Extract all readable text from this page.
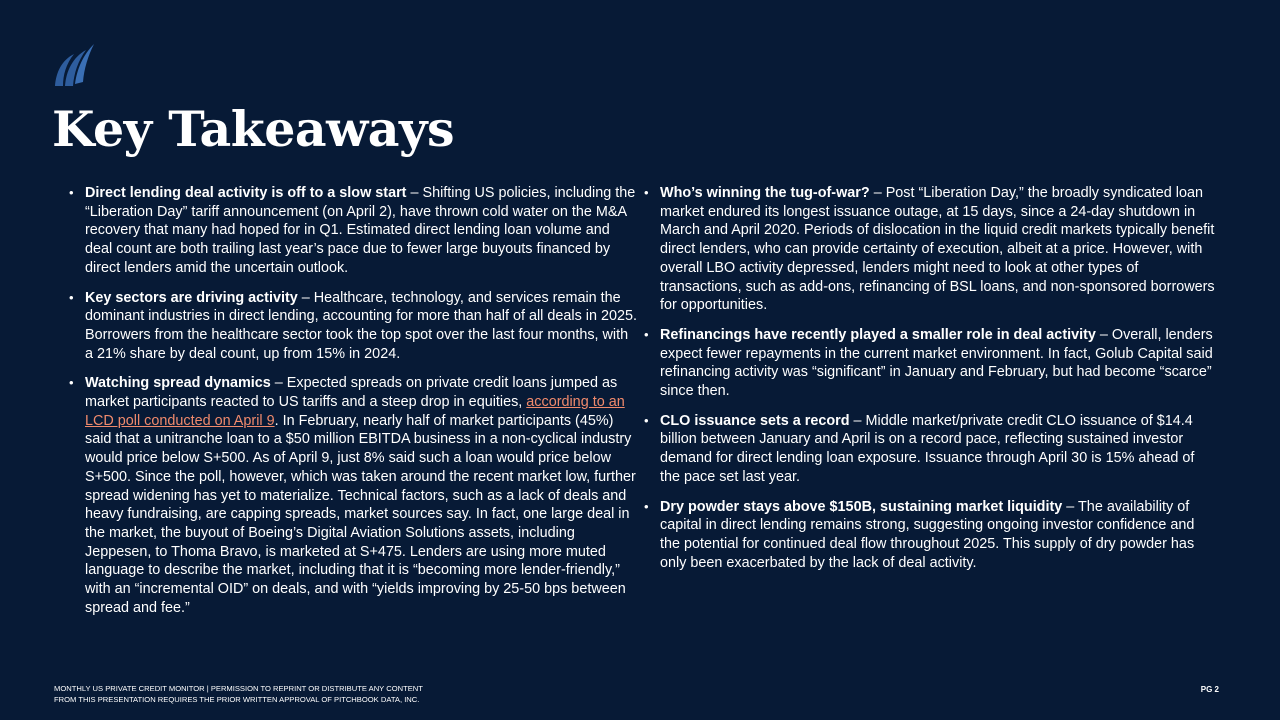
Key Takeaways
• Direct lending deal activity is off to a slow start – Shifting US policies, including the “Liberation Day” tariff announcement (on April 2), have thrown cold water on the M&A recovery that many had hoped for in Q1. Estimated direct lending loan volume and deal count are both trailing last year’s pace due to fewer large buyouts financed by direct lenders amid the uncertain outlook.
• Key sectors are driving activity – Healthcare, technology, and services remain the dominant industries in direct lending, accounting for more than half of all deals in 2025. Borrowers from the healthcare sector took the top spot over the last four months, with a 21% share by deal count, up from 15% in 2024.
• Watching spread dynamics – Expected spreads on private credit loans jumped as market participants reacted to US tariffs and a steep drop in equities, according to an LCD poll conducted on April 9. In February, nearly half of market participants (45%) said that a unitranche loan to a $50 million EBITDA business in a non-cyclical industry would price below S+500. As of April 9, just 8% said such a loan would price below S+500. Since the poll, however, which was taken around the recent market low, further spread widening has yet to materialize. Technical factors, such as a lack of deals and heavy fundraising, are capping spreads, market sources say. In fact, one large deal in the market, the buyout of Boeing’s Digital Aviation Solutions assets, including Jeppesen, to Thoma Bravo, is marketed at S+475. Lenders are using more muted language to describe the market, including that it is “becoming more lender-friendly,” with an “incremental OID” on deals, and with “yields improving by 25-50 bps between spread and fee.”
• Who’s winning the tug-of-war? – Post “Liberation Day,” the broadly syndicated loan market endured its longest issuance outage, at 15 days, since a 24-day shutdown in March and April 2020. Periods of dislocation in the liquid credit markets typically benefit direct lenders, who can provide certainty of execution, albeit at a price. However, with overall LBO activity depressed, lenders might need to look at other types of transactions, such as add-ons, refinancing of BSL loans, and non-sponsored borrowers for opportunities.
• Refinancings have recently played a smaller role in deal activity – Overall, lenders expect fewer repayments in the current market environment. In fact, Golub Capital said refinancing activity was “significant” in January and February, but had become “scarce” since then.
• CLO issuance sets a record – Middle market/private credit CLO issuance of $14.4 billion between January and April is on a record pace, reflecting sustained investor demand for direct lending loan exposure. Issuance through April 30 is 15% ahead of the pace set last year.
• Dry powder stays above $150B, sustaining market liquidity – The availability of capital in direct lending remains strong, suggesting ongoing investor confidence and the potential for continued deal flow throughout 2025. This supply of dry powder has only been exacerbated by the lack of deal activity.
MONTHLY US PRIVATE CREDIT MONITOR | PERMISSION TO REPRINT OR DISTRIBUTE ANY CONTENT
FROM THIS PRESENTATION REQUIRES THE PRIOR WRITTEN APPROVAL OF PITCHBOOK DATA, INC.
PG 2
